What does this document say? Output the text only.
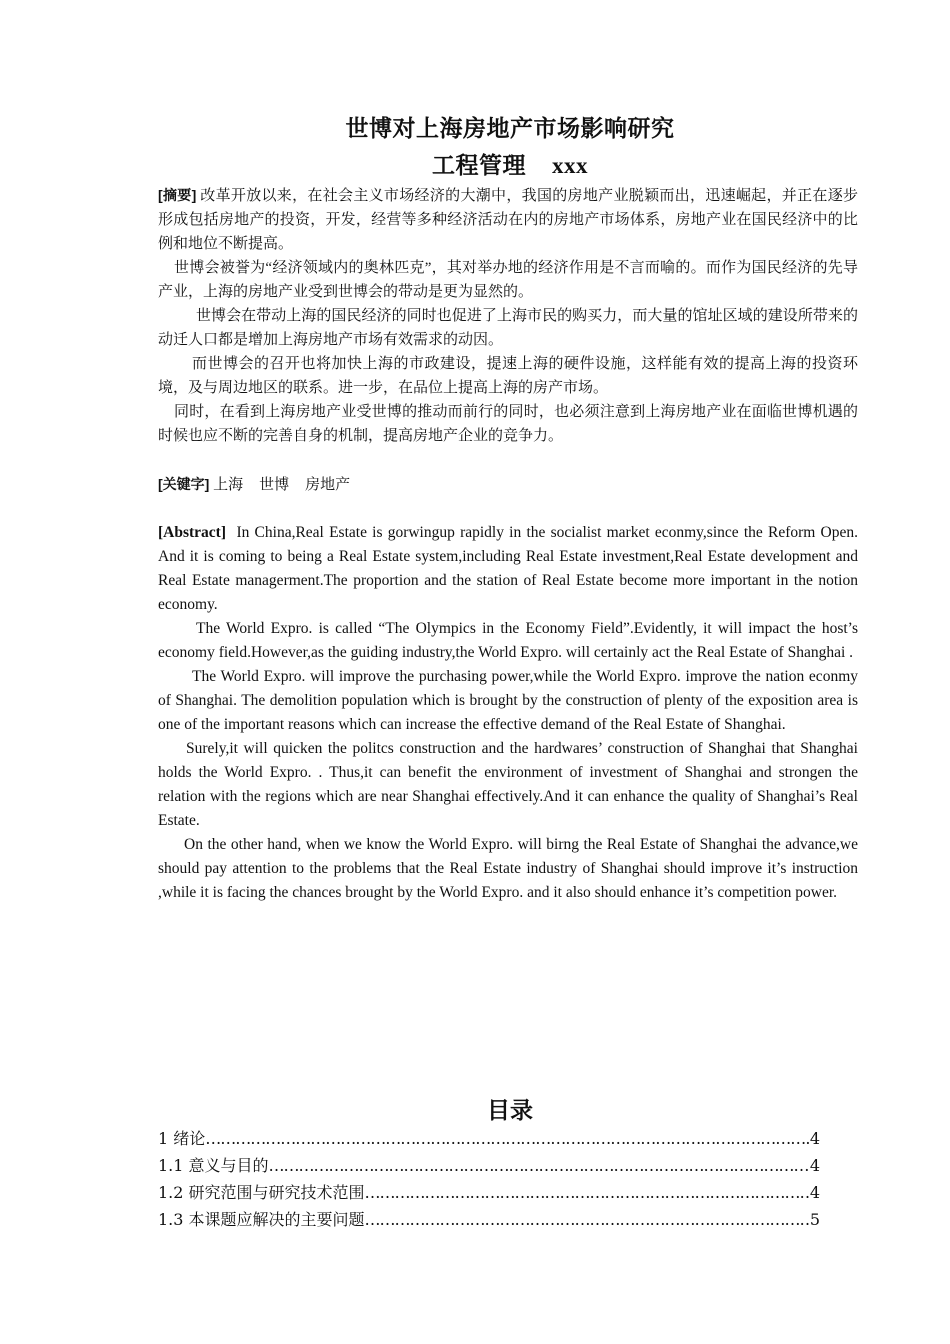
世博对上海房地产市场影响研究
工程管理 xxx

[摘要] 改革开放以来，在社会主义市场经济的大潮中，我国的房地产业脱颖而出，迅速崛起，并正在逐步形成包括房地产的投资，开发，经营等多种经济活动在内的房地产市场体系，房地产业在国民经济中的比例和地位不断提高。

世博会被誉为“经济领域内的奥林匹克”，其对举办地的经济作用是不言而喻的。而作为国民经济的先导产业，上海的房地产业受到世博会的带动是更为显然的。

世博会在带动上海的国民经济的同时也促进了上海市民的购买力，而大量的馆址区域的建设所带来的动迁人口都是增加上海房地产市场有效需求的动因。

而世博会的召开也将加快上海的市政建设，提速上海的硬件设施，这样能有效的提高上海的投资环境，及与周边地区的联系。进一步，在品位上提高上海的房产市场。

同时，在看到上海房地产业受世博的推动而前行的同时，也必须注意到上海房地产业在面临世博机遇的时候也应不断的完善自身的机制，提高房地产企业的竞争力。

[关键字] 上海 世博 房地产

[Abstract] In China,Real Estate is gorwingup rapidly in the socialist market econmy,since the Reform Open. And it is coming to being a Real Estate system,including Real Estate investment,Real Estate development and Real Estate managerment.The proportion and the station of Real Estate become more important in the notion economy.

The World Expro. is called “The Olympics in the Economy Field”.Evidently, it will impact the host’s economy field.However,as the guiding industry,the World Expro. will certainly act the Real Estate of Shanghai .

The World Expro. will improve the purchasing power,while the World Expro. improve the nation econmy of Shanghai. The demolition population which is brought by the construction of plenty of the exposition area is one of the important reasons which can increase the effective demand of the Real Estate of Shanghai.

Surely,it will quicken the politcs construction and the hardwares’ construction of Shanghai that Shanghai holds the World Expro. . Thus,it can benefit the environment of investment of Shanghai and strongen the relation with the regions which are near Shanghai effectively.And it can enhance the quality of Shanghai’s Real Estate.

On the other hand, when we know the World Expro. will birng the Real Estate of Shanghai the advance,we should pay attention to the problems that the Real Estate industry of Shanghai should improve it’s instruction ,while it is facing the chances brought by the World Expro. and it also should enhance it’s competition power.

目录
1 绪论 ……………………………………………………………………………………………………………………………………………………………………………………………………	4
1.1 意义与目的 ……………………………………………………………………………………………………………………………………………………………………………………………………	4
1.2 研究范围与研究技术范围 ……………………………………………………………………………………………………………………………………………………………………………………………………	4
1.3 本课题应解决的主要问题 ……………………………………………………………………………………………………………………………………………………………………………………………………	5
